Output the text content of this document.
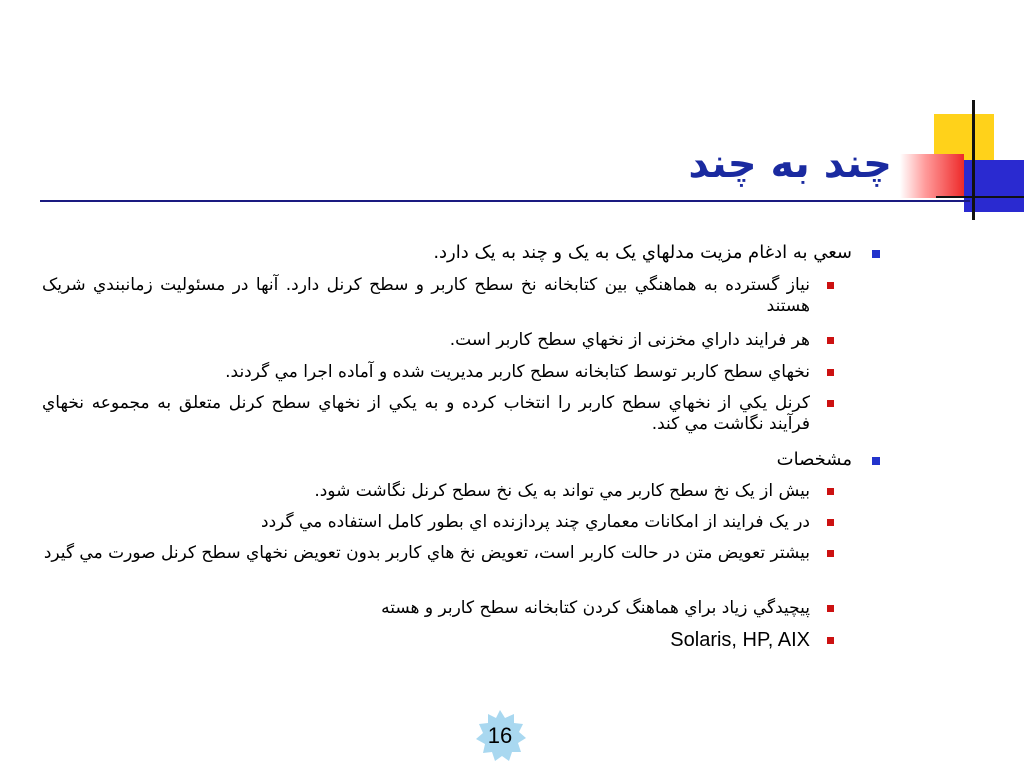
چند به چند
سعي به ادغام مزيت مدلهاي يک به يک و چند به يک دارد.
نياز گسترده به هماهنگي بين کتابخانه نخ سطح کاربر و سطح کرنل دارد. آنها در مسئوليت زمانبندي شريک هستند
هر فرايند داراي مخزنی از نخهاي سطح کاربر است.
نخهاي سطح کاربر توسط کتابخانه سطح کاربر مديريت شده و آماده اجرا مي گردند.
کرنل يکي از نخهاي سطح کاربر را انتخاب کرده و به يکي از نخهاي سطح کرنل متعلق به مجموعه نخهاي فرآيند نگاشت مي کند.
مشخصات
بيش از يک نخ سطح کاربر مي تواند به يک نخ سطح کرنل نگاشت شود.
در يک فرايند از امکانات معماري چند پردازنده اي بطور کامل استفاده مي گردد
بيشتر تعويض متن در حالت کاربر است، تعويض نخ هاي کاربر بدون تعويض نخهاي سطح کرنل صورت مي گيرد
پيچيدگي زياد براي هماهنگ کردن کتابخانه سطح کاربر و هسته
Solaris, HP, AIX
16
